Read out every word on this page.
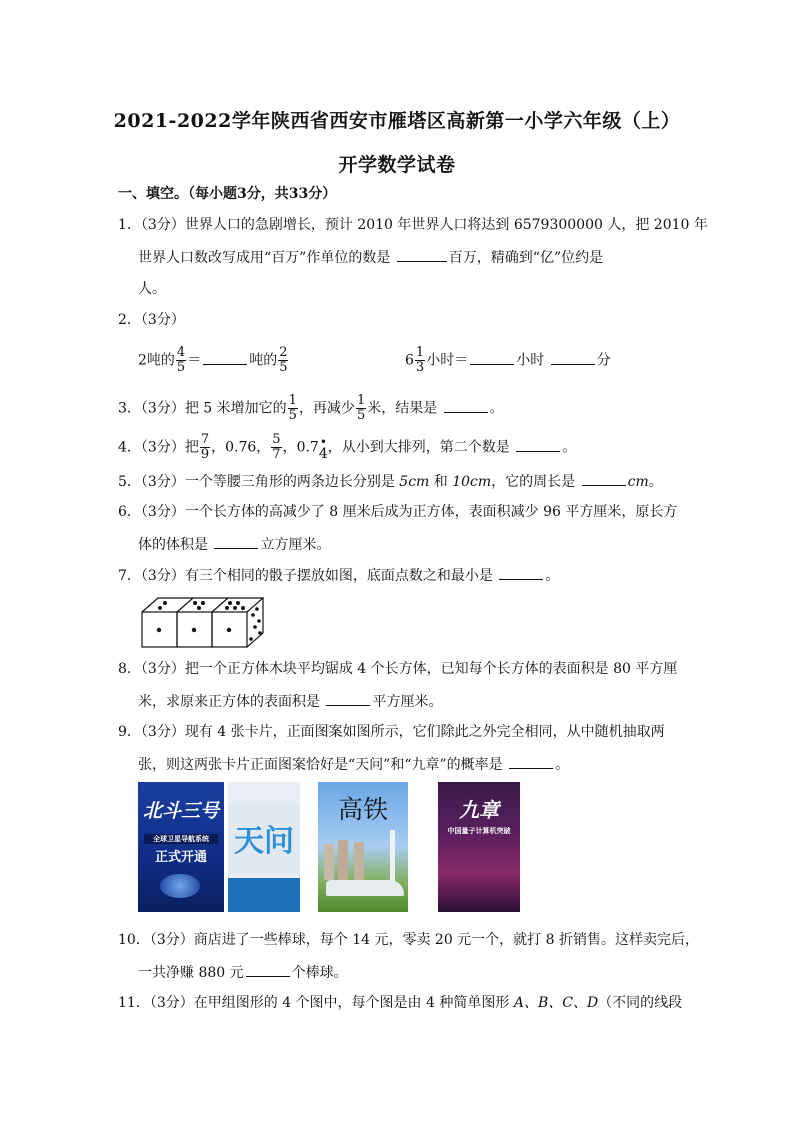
2021-2022学年陕西省西安市雁塔区高新第一小学六年级（上）
开学数学试卷
一、填空。（每小题3分，共33分）
1．（3分）世界人口的急剧增长，预计 2010 年世界人口将达到 6579300000 人，把 2010 年
世界人口数改写成用“百万”作单位的数是	百万，精确到“亿”位约是
人。
2．（3分）
2吨的 $\frac{4}{5}$ ＝	吨的 $\frac{2}{5}$	$6 \frac{1}{3}$ 小时＝	小时	分
3．（3分）把 5 米增加它的 $\frac{1}{5}$ ，再减少 $\frac{1}{5}$ 米，结果是	。
4．（3分）把 $\frac{7}{9}$ ，0.76， $\frac{5}{7}$ ，0.7 •
4，从小到大排列，第二个数是	。
5．（3分）一个等腰三角形的两条边长分别是 5cm 和 10cm，它的周长是	cm。
6．（3分）一个长方体的高减少了 8 厘米后成为正方体，表面积减少 96 平方厘米，原长方
体的体积是	立方厘米。
7．（3分）有三个相同的骰子摆放如图，底面点数之和最小是	。
8．（3分）把一个正方体木块平均锯成 4 个长方体，已知每个长方体的表面积是 80 平方厘
米，求原来正方体的表面积是	平方厘米。
9．（3分）现有 4 张卡片，正面图案如图所示，它们除此之外完全相同，从中随机抽取两
张，则这两张卡片正面图案恰好是“天问”和“九章”的概率是	。
北斗三号
全球卫星导航系统
正式开通 天问
高铁	九章
中国量子计算机突破
10．（3分）商店进了一些棒球，每个 14 元，零卖 20 元一个，就打 8 折销售。这样卖完后，
一共净赚 880 元	个棒球。
11．（3分）在甲组图形的 4 个图中，每个图是由 4 种简单图形 A、B、C、D（不同的线段
